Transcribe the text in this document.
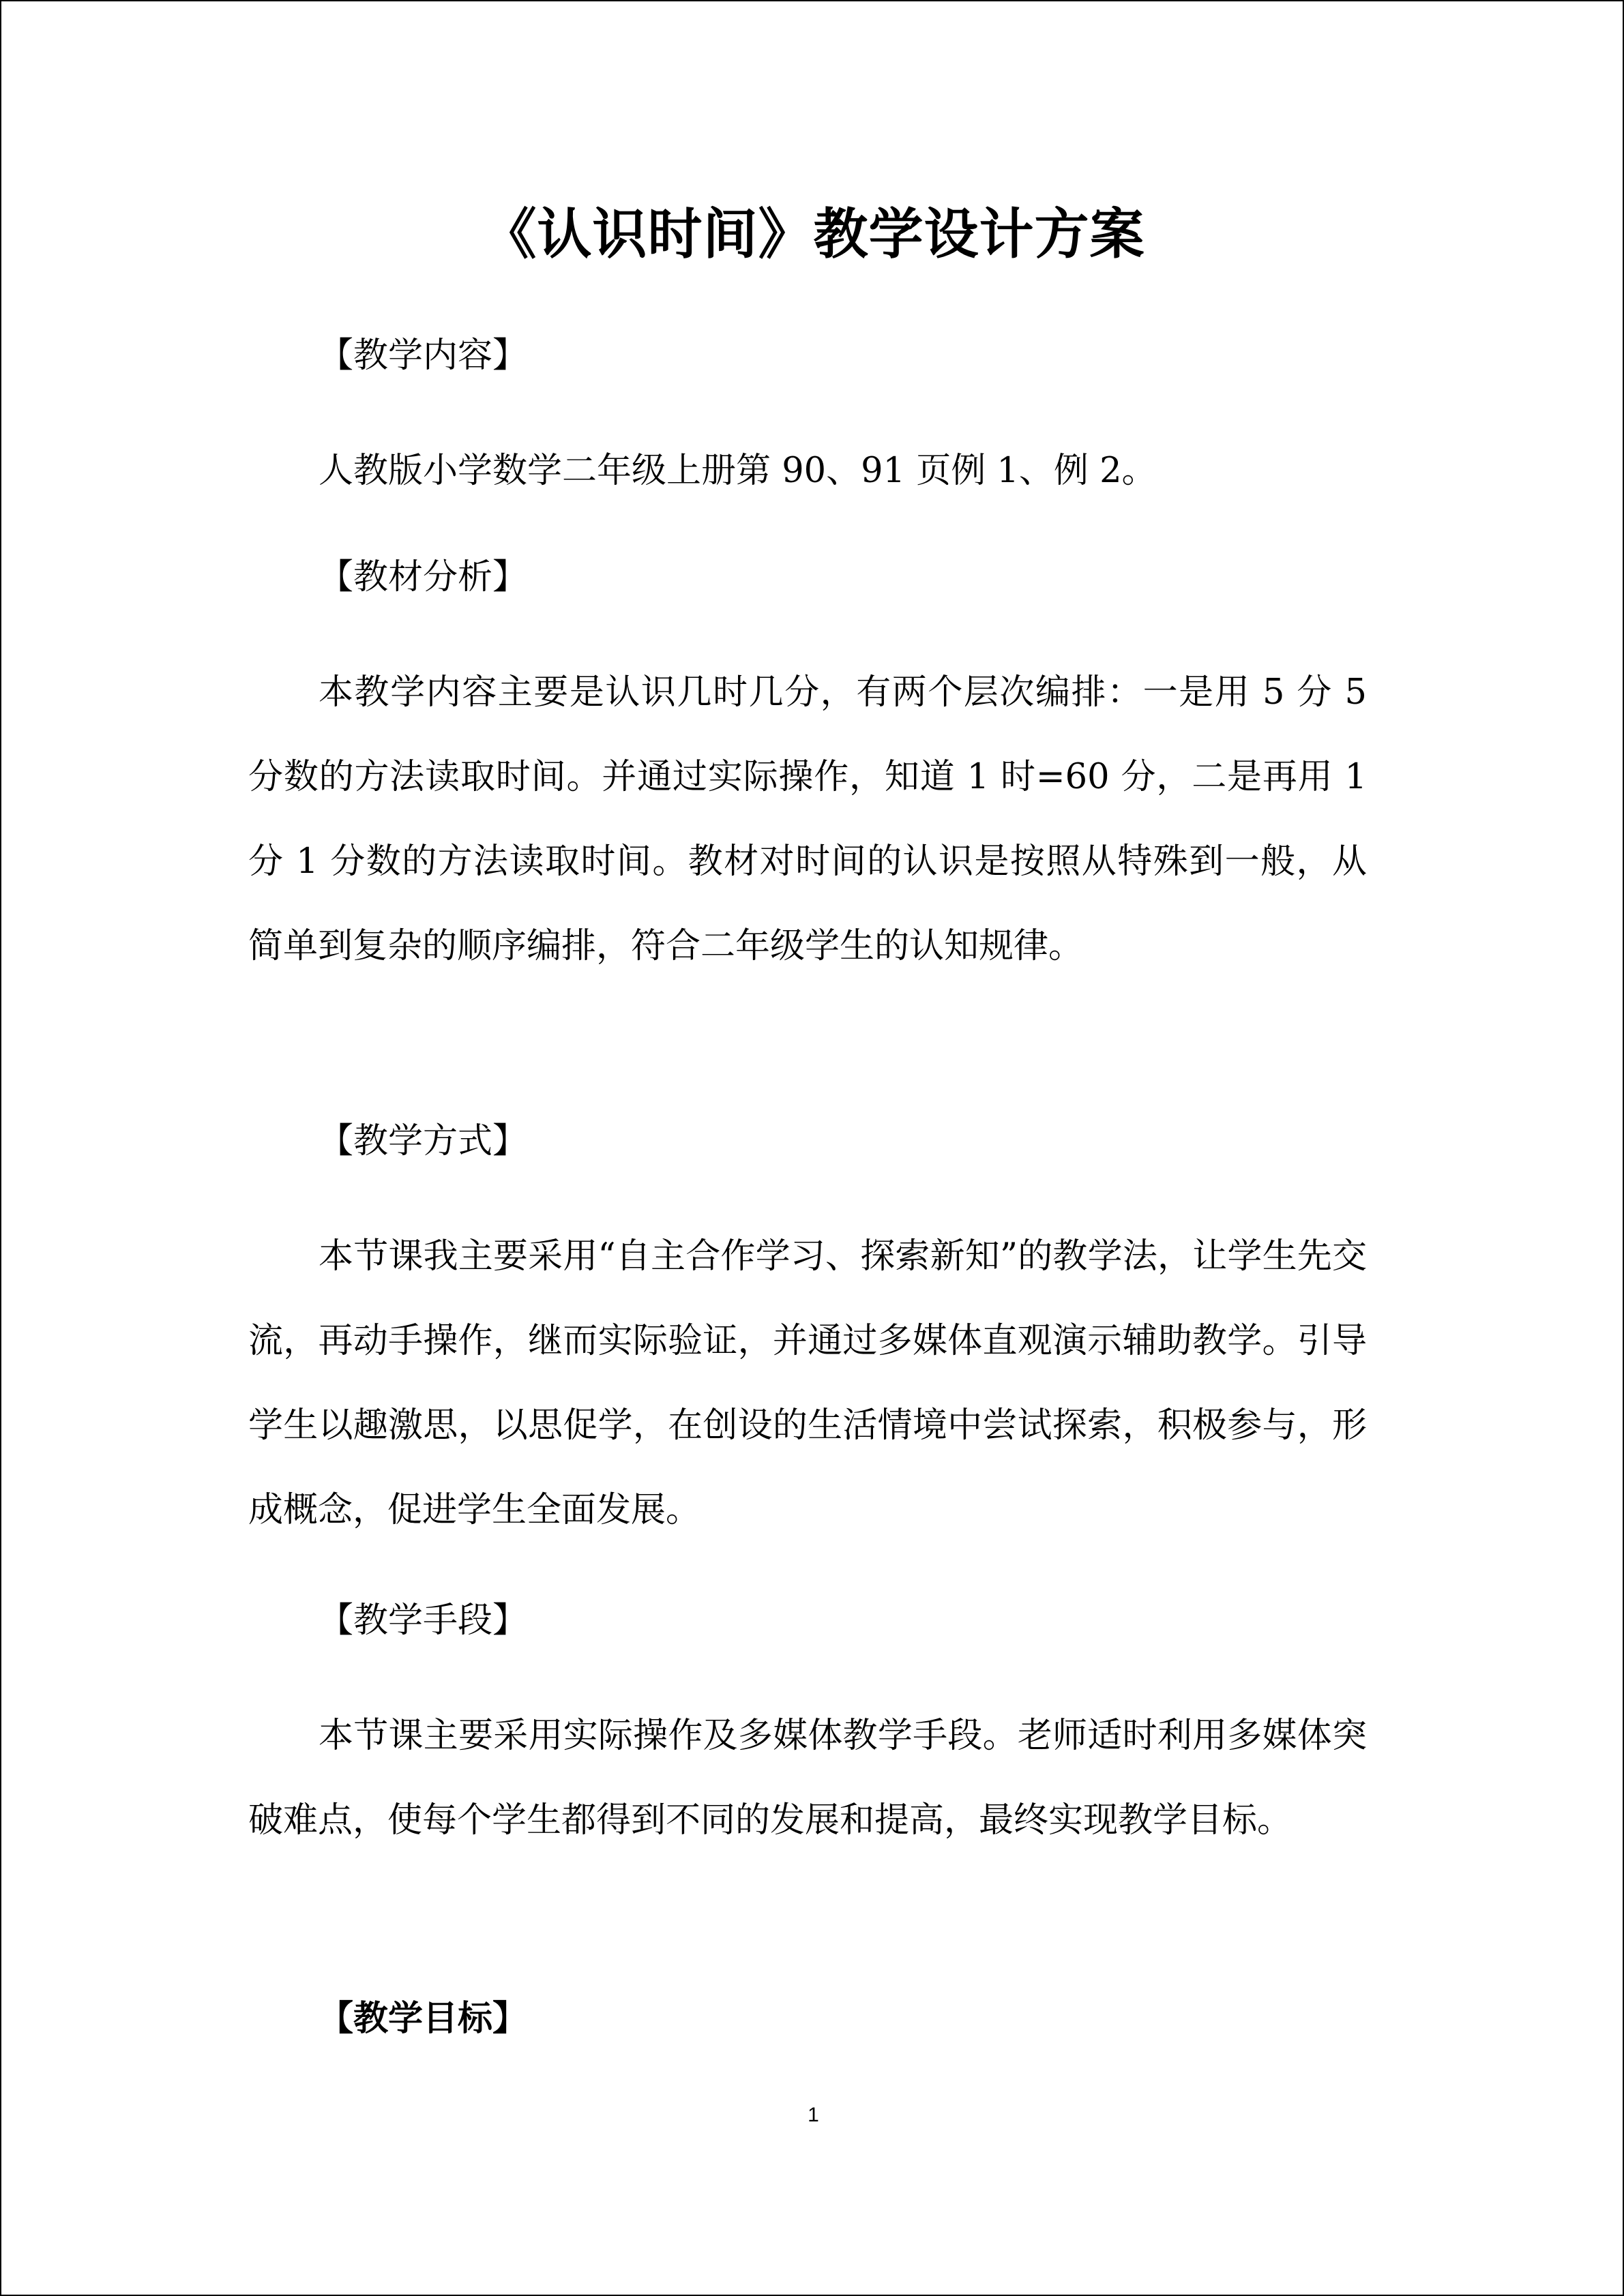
《认识时间》教学设计方案
【教学内容】

人教版小学数学二年级上册第 90、91 页例 1、例 2。

【教材分析】

本教学内容主要是认识几时几分，有两个层次编排：一是用 5 分 5 分数的方法读取时间。并通过实际操作，知道 1 时=60 分，二是再用 1 分 1 分数的方法读取时间。教材对时间的认识是按照从特殊到一般，从简单到复杂的顺序编排，符合二年级学生的认知规律。

【教学方式】

本节课我主要采用“自主合作学习、探索新知”的教学法，让学生先交流，再动手操作，继而实际验证，并通过多媒体直观演示辅助教学。引导学生以趣激思，以思促学，在创设的生活情境中尝试探索，积极参与，形成概念，促进学生全面发展。

【教学手段】

本节课主要采用实际操作及多媒体教学手段。老师适时利用多媒体突破难点，使每个学生都得到不同的发展和提高，最终实现教学目标。

【教学目标】
1
